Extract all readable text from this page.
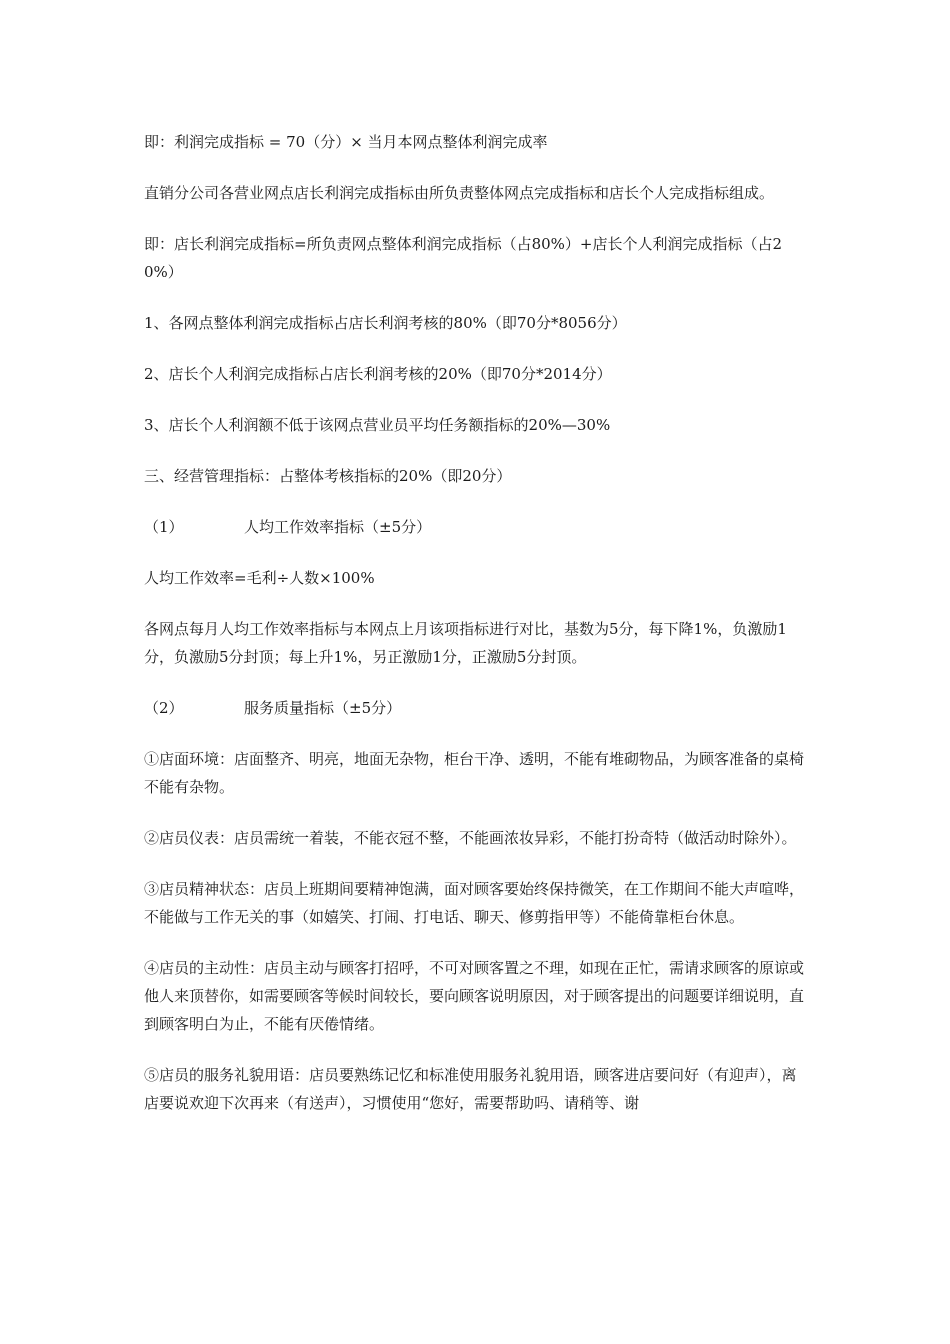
即：利润完成指标 = 70（分）× 当月本网点整体利润完成率

直销分公司各营业网点店长利润完成指标由所负责整体网点完成指标和店长个人完成指标组成。

即：店长利润完成指标=所负责网点整体利润完成指标（占80%）+店长个人利润完成指标（占20%）

1、各网点整体利润完成指标占店长利润考核的80%（即70分*8056分）

2、店长个人利润完成指标占店长利润考核的20%（即70分*2014分）

3、店长个人利润额不低于该网点营业员平均任务额指标的20%—30%

三、经营管理指标：占整体考核指标的20%（即20分）

（1）	人均工作效率指标（±5分）

人均工作效率=毛利÷人数×100%

各网点每月人均工作效率指标与本网点上月该项指标进行对比，基数为5分，每下降1%，负激励1分，负激励5分封顶；每上升1%，另正激励1分，正激励5分封顶。

（2）	服务质量指标（±5分）

①店面环境：店面整齐、明亮，地面无杂物，柜台干净、透明，不能有堆砌物品，为顾客准备的桌椅不能有杂物。

②店员仪表：店员需统一着装，不能衣冠不整，不能画浓妆异彩，不能打扮奇特（做活动时除外）。

③店员精神状态：店员上班期间要精神饱满，面对顾客要始终保持微笑，在工作期间不能大声喧哗，不能做与工作无关的事（如嬉笑、打闹、打电话、聊天、修剪指甲等）不能倚靠柜台休息。

④店员的主动性：店员主动与顾客打招呼，不可对顾客置之不理，如现在正忙，需请求顾客的原谅或他人来顶替你，如需要顾客等候时间较长，要向顾客说明原因，对于顾客提出的问题要详细说明，直到顾客明白为止，不能有厌倦情绪。

⑤店员的服务礼貌用语：店员要熟练记忆和标准使用服务礼貌用语，顾客进店要问好（有迎声），离店要说欢迎下次再来（有送声），习惯使用“您好，需要帮助吗、请稍等、谢
